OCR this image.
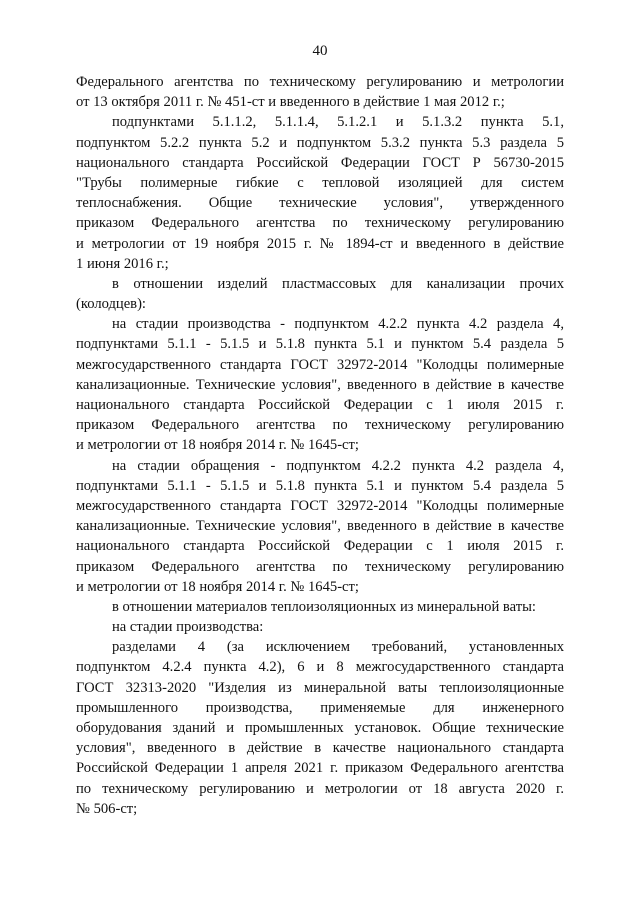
40
Федерального агентства по техническому регулированию и метрологии
от 13 октября 2011 г. № 451-ст и введенного в действие 1 мая 2012 г.;
подпунктами 5.1.1.2, 5.1.1.4, 5.1.2.1 и 5.1.3.2 пункта 5.1,
подпунктом 5.2.2 пункта 5.2 и подпунктом 5.3.2 пункта 5.3 раздела 5
национального стандарта Российской Федерации ГОСТ Р 56730-2015
"Трубы полимерные гибкие с тепловой изоляцией для систем
теплоснабжения. Общие технические условия", утвержденного
приказом Федерального агентства по техническому регулированию
и метрологии от 19 ноября 2015 г. № 1894-ст и введенного в действие
1 июня 2016 г.;
в отношении изделий пластмассовых для канализации прочих
(колодцев):
на стадии производства - подпунктом 4.2.2 пункта 4.2 раздела 4,
подпунктами 5.1.1 - 5.1.5 и 5.1.8 пункта 5.1 и пунктом 5.4 раздела 5
межгосударственного стандарта ГОСТ 32972-2014 "Колодцы полимерные
канализационные. Технические условия", введенного в действие в качестве
национального стандарта Российской Федерации с 1 июля 2015 г.
приказом Федерального агентства по техническому регулированию
и метрологии от 18 ноября 2014 г. № 1645-ст;
на стадии обращения - подпунктом 4.2.2 пункта 4.2 раздела 4,
подпунктами 5.1.1 - 5.1.5 и 5.1.8 пункта 5.1 и пунктом 5.4 раздела 5
межгосударственного стандарта ГОСТ 32972-2014 "Колодцы полимерные
канализационные. Технические условия", введенного в действие в качестве
национального стандарта Российской Федерации с 1 июля 2015 г.
приказом Федерального агентства по техническому регулированию
и метрологии от 18 ноября 2014 г. № 1645-ст;
в отношении материалов теплоизоляционных из минеральной ваты:
на стадии производства:
разделами 4 (за исключением требований, установленных
подпунктом 4.2.4 пункта 4.2), 6 и 8 межгосударственного стандарта
ГОСТ 32313-2020 "Изделия из минеральной ваты теплоизоляционные
промышленного производства, применяемые для инженерного
оборудования зданий и промышленных установок. Общие технические
условия", введенного в действие в качестве национального стандарта
Российской Федерации 1 апреля 2021 г. приказом Федерального агентства
по техническому регулированию и метрологии от 18 августа 2020 г.
№ 506-ст;
